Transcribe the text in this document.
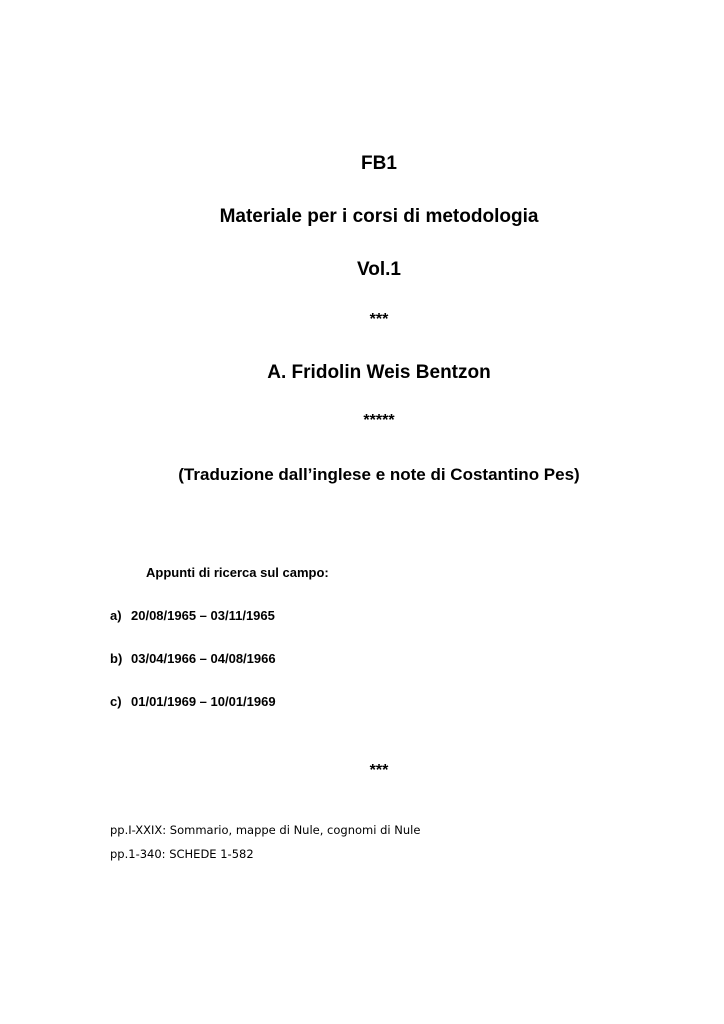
FB1
Materiale per i corsi di metodologia
Vol.1
***
A. Fridolin Weis Bentzon
*****
(Traduzione dall’inglese e note di Costantino Pes)
Appunti di ricerca sul campo:
a) 20/08/1965 – 03/11/1965
b) 03/04/1966 – 04/08/1966
c) 01/01/1969 – 10/01/1969
***
pp.I-XXIX: Sommario, mappe di Nule, cognomi di Nule
pp.1-340: SCHEDE 1-582
